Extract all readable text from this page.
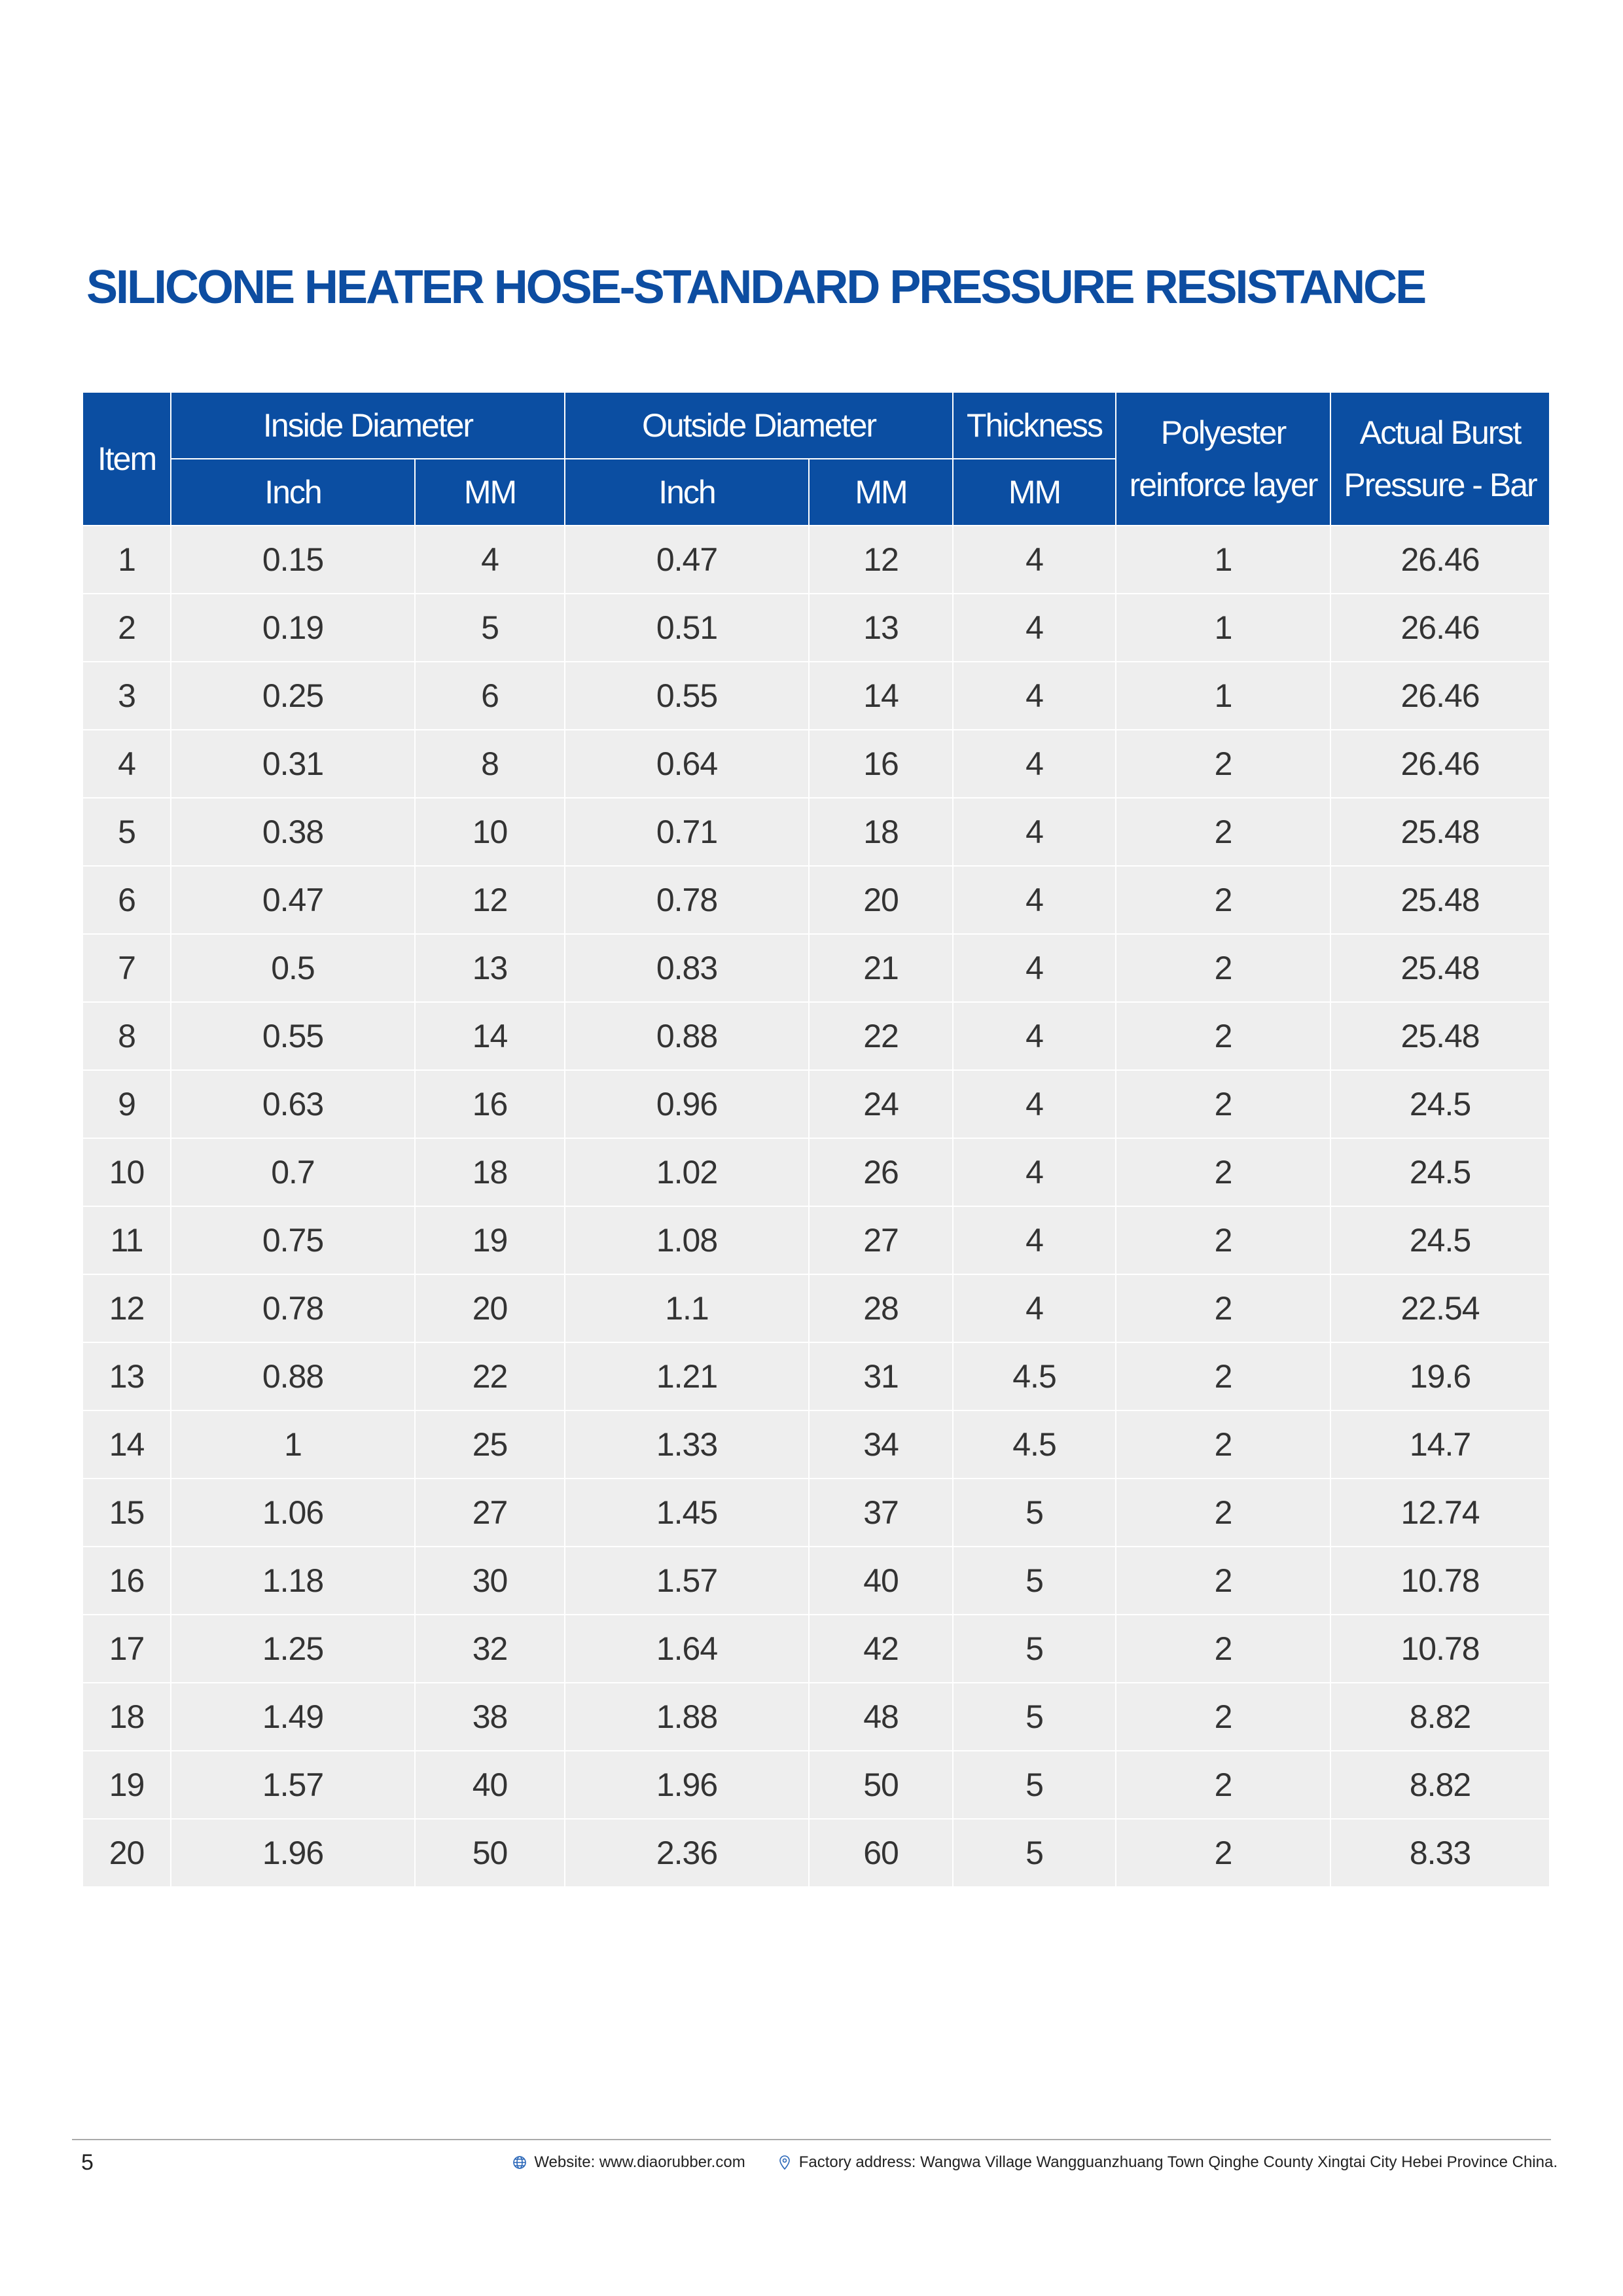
SILICONE HEATER HOSE-STANDARD PRESSURE RESISTANCE
Item	Inside Diameter		Outside Diameter		Thickness	Polyester reinforce layer	Actual Burst Pressure - Bar
	Inch	MM	Inch	MM	MM		
1	0.15	4	0.47	12	4	1	26.46
2	0.19	5	0.51	13	4	1	26.46
3	0.25	6	0.55	14	4	1	26.46
4	0.31	8	0.64	16	4	2	26.46
5	0.38	10	0.71	18	4	2	25.48
6	0.47	12	0.78	20	4	2	25.48
7	0.5	13	0.83	21	4	2	25.48
8	0.55	14	0.88	22	4	2	25.48
9	0.63	16	0.96	24	4	2	24.5
10	0.7	18	1.02	26	4	2	24.5
11	0.75	19	1.08	27	4	2	24.5
12	0.78	20	1.1	28	4	2	22.54
13	0.88	22	1.21	31	4.5	2	19.6
14	1	25	1.33	34	4.5	2	14.7
15	1.06	27	1.45	37	5	2	12.74
16	1.18	30	1.57	40	5	2	10.78
17	1.25	32	1.64	42	5	2	10.78
18	1.49	38	1.88	48	5	2	8.82
19	1.57	40	1.96	50	5	2	8.82
20	1.96	50	2.36	60	5	2	8.33
5	Website: www.diaorubber.com	Factory address: Wangwa Village Wangguanzhuang Town Qinghe County Xingtai City Hebei Province China.
